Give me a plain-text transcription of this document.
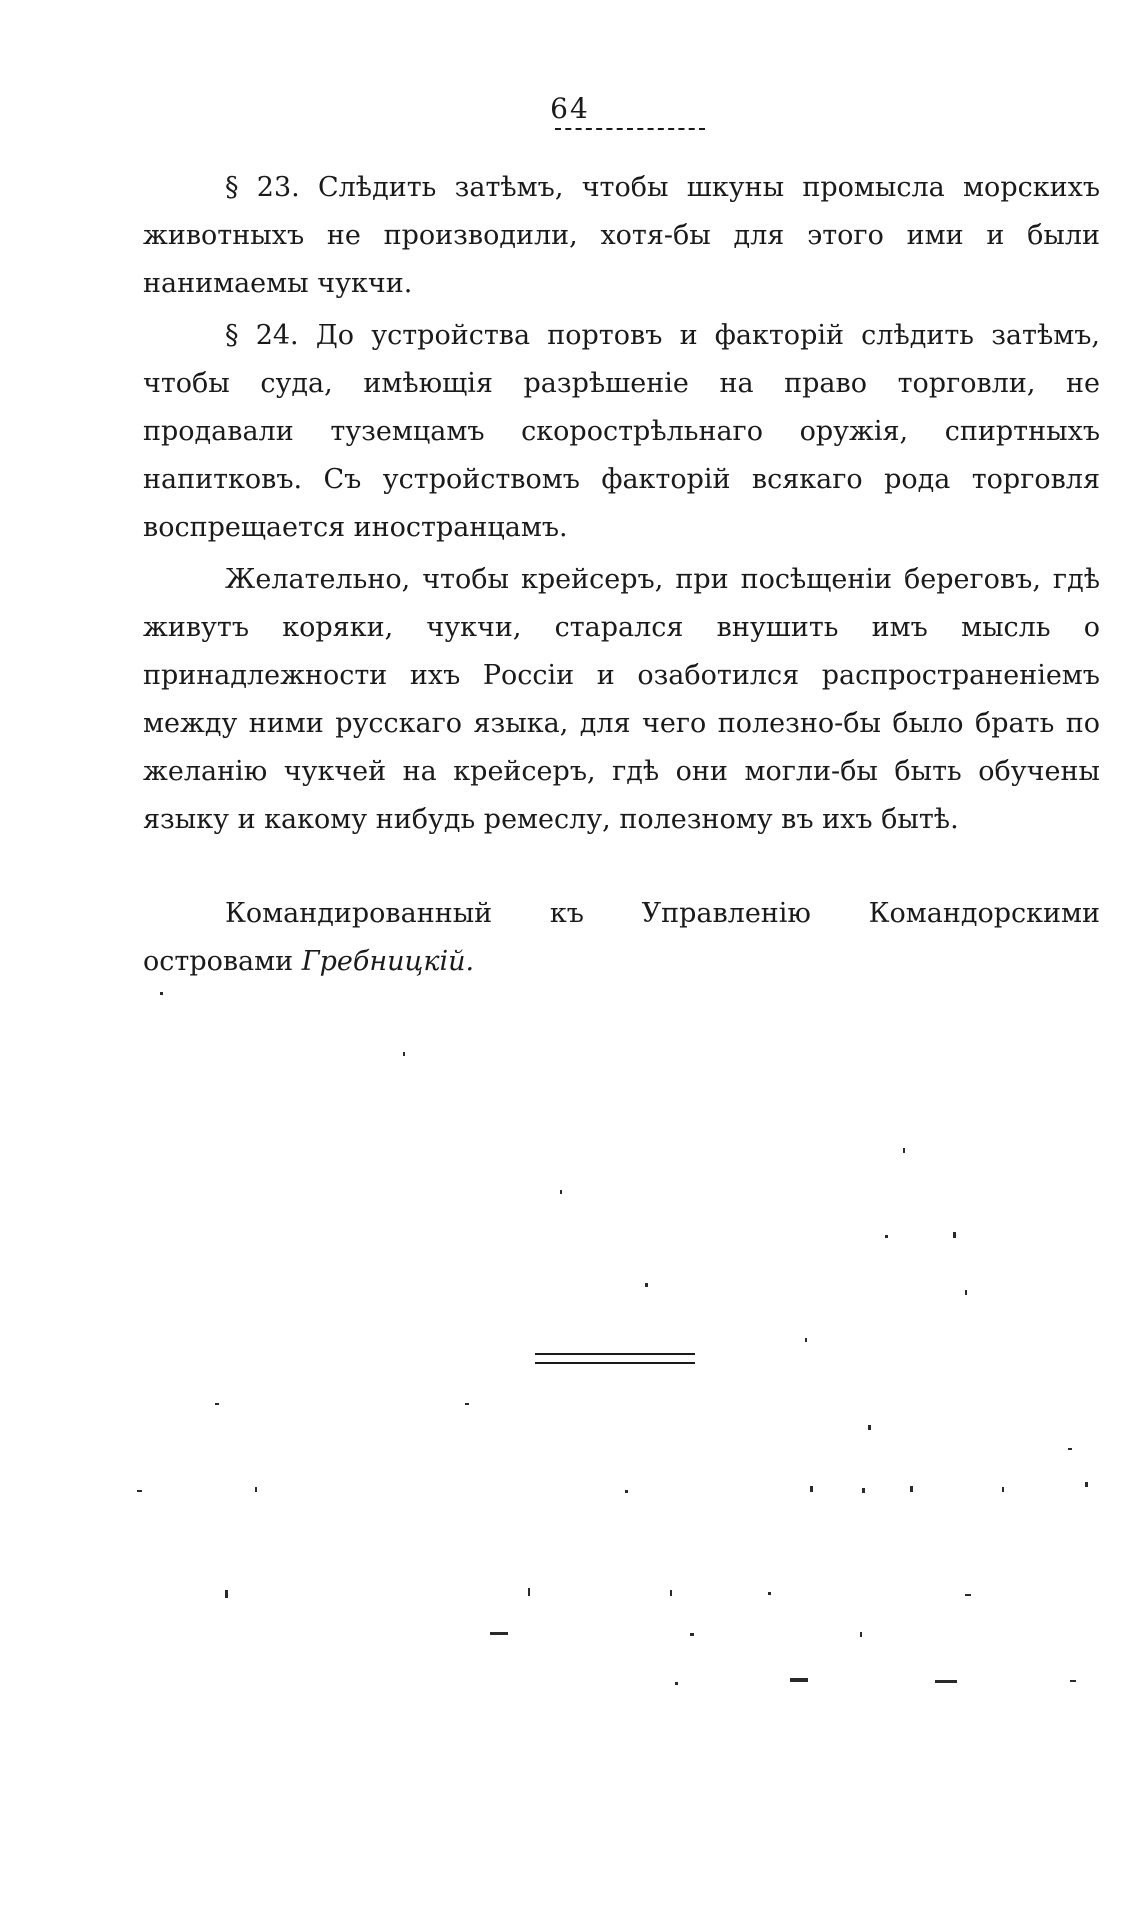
64

§ 23. Слѣдить затѣмъ, чтобы шкуны промысла морскихъ животныхъ не производили, хотя-бы для этого ими и были нанимаемы чукчи.

§ 24. До устройства портовъ и факторій слѣдить затѣмъ, чтобы суда, имѣющія разрѣшеніе на право торговли, не продавали туземцамъ скорострѣльнаго оружія, спиртныхъ напитковъ. Съ устройствомъ факторій всякаго рода торговля воспрещается иностранцамъ.

Желательно, чтобы крейсеръ, при посѣщеніи береговъ, гдѣ живутъ коряки, чукчи, старался внушить имъ мысль о принадлежности ихъ Россіи и озаботился распространеніемъ между ними русскаго языка, для чего полезно-бы было брать по желанію чукчей на крейсеръ, гдѣ они могли-бы быть обучены языку и какому нибудь ремеслу, полезному въ ихъ бытѣ.

Командированный къ Управленію Командорскими островами Гребницкій.
